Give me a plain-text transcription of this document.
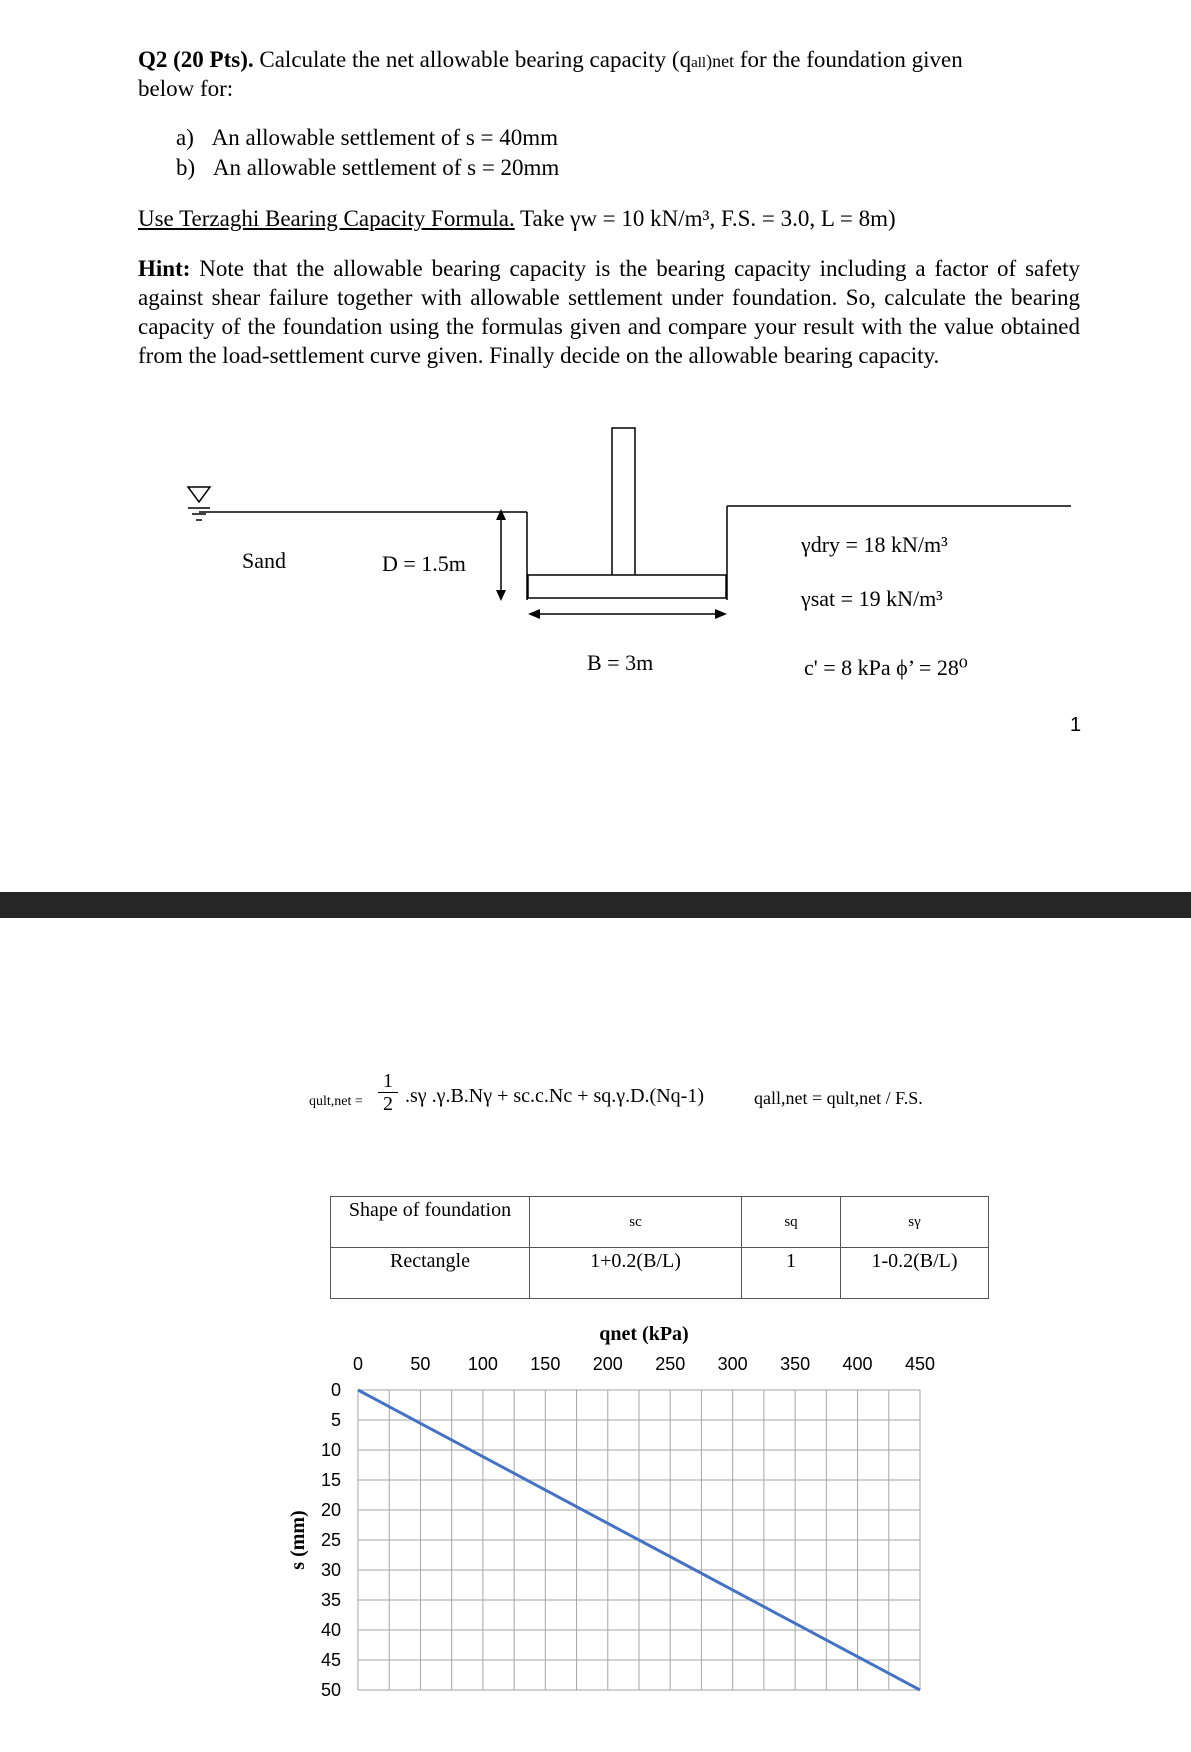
Q2 (20 Pts). Calculate the net allowable bearing capacity (qall)net for the foundation given
below for:
a) An allowable settlement of s = 40mm
b) An allowable settlement of s = 20mm
Use Terzaghi Bearing Capacity Formula. Take γw = 10 kN/m³, F.S. = 3.0, L = 8m)
Hint: Note that the allowable bearing capacity is the bearing capacity including a factor of safety against shear failure together with allowable settlement under foundation. So, calculate the bearing capacity of the foundation using the formulas given and compare your result with the value obtained from the load-settlement curve given. Finally decide on the allowable bearing capacity.
Sand	D = 1.5m
B = 3m
γdry = 18 kN/m³
γsat = 19 kN/m³
c' = 8 kPa ϕ’ = 28⁰
1
qult,net = $\frac{1}{2} .s\gamma$ .γ.B.Nγ + sc.c.Nc + sq.γ.D.(Nq-1)	qall,net = qult,net / F.S.
Shape of foundation	sc	sq	sγ
Rectangle	1+0.2(B/L)	1	1-0.2(B/L)
0	50 100 150 200 250 300 350 400 450
0
5
10
15
20
25
30
35
40
45
50
qnet (kPa)
s (mm)
